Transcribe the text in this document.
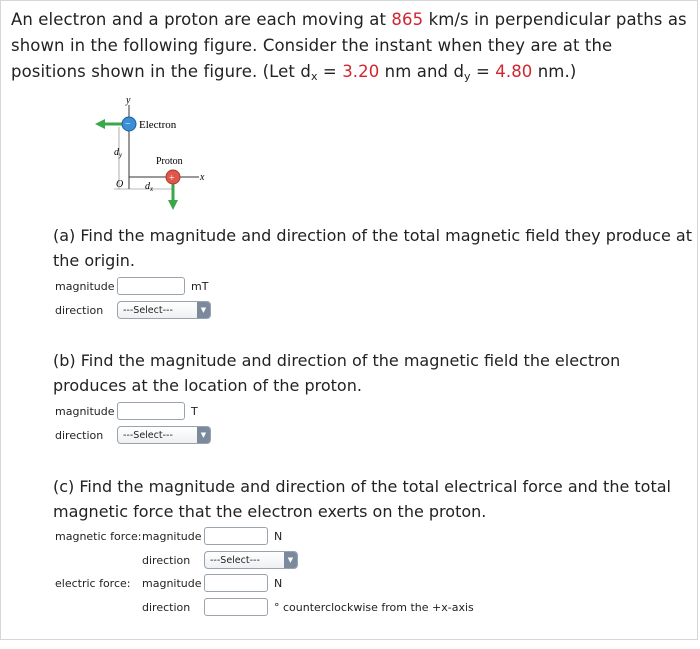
An electron and a proton are each moving at 865 km/s in perpendicular paths as shown in the following figure. Consider the instant when they are at the positions shown in the figure. (Let $d_x = 3.20$ nm and $d_y = 4.80$ nm.)
y
x
O
$d_y$
$d_x$
− Electron
Proton
+
(a) Find the magnitude and direction of the total magnetic field they produce at the origin.
magnitude	mT
direction	---Select---	▼
(b) Find the magnitude and direction of the magnetic field the electron produces at the location of the proton.
magnitude	T
direction	---Select---	▼
(c) Find the magnitude and direction of the total electrical force and the total magnetic force that the electron exerts on the proton.
magnetic force: magnitude	N
direction	---Select---	▼
electric force:	magnitude	N
direction	° counterclockwise from the +x-axis
